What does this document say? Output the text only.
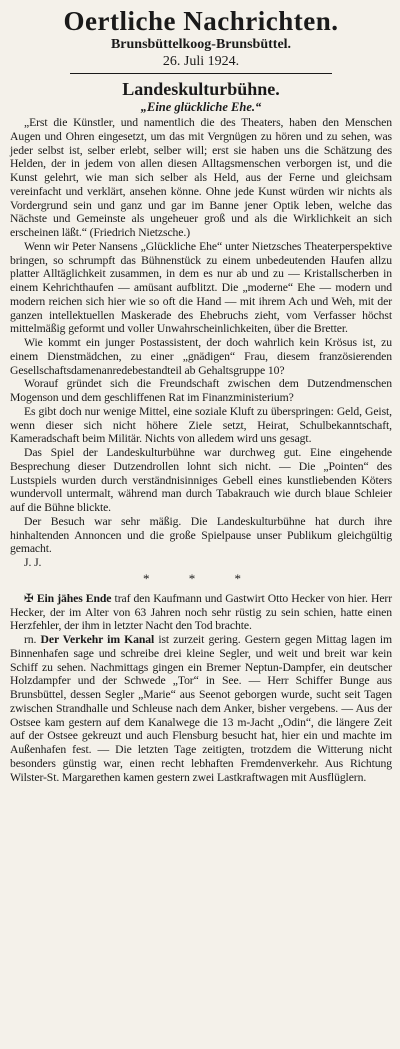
Oertliche Nachrichten.
Brunsbüttelkoog-Brunsbüttel.
26. Juli 1924.
Landeskulturbühne.
„Eine glückliche Ehe.“

„Erst die Künstler, und namentlich die des Theaters, haben den Menschen Augen und Ohren eingesetzt, um das mit Vergnügen zu hören und zu sehen, was jeder selbst ist, selber erlebt, selber will; erst sie haben uns die Schätzung des Helden, der in jedem von allen diesen Alltagsmenschen verborgen ist, und die Kunst gelehrt, wie man sich selber als Held, aus der Ferne und gleichsam vereinfacht und verklärt, ansehen könne. Ohne jede Kunst würden wir nichts als Vordergrund sein und ganz und gar im Banne jener Optik leben, welche das Nächste und Gemeinste als ungeheuer groß und als die Wirklichkeit an sich erscheinen läßt.“ (Friedrich Nietzsche.)

Wenn wir Peter Nansens „Glückliche Ehe“ unter Nietzsches Theaterperspektive bringen, so schrumpft das Bühnenstück zu einem unbedeutenden Haufen allzu platter Alltäglichkeit zusammen, in dem es nur ab und zu — Kristallscherben in einem Kehrichthaufen — amüsant aufblitzt. Die „moderne“ Ehe — modern und modern reichen sich hier wie so oft die Hand — mit ihrem Ach und Weh, mit der ganzen intellektuellen Maskerade des Ehebruchs zieht, vom Verfasser höchst mittelmäßig geformt und voller Unwahrscheinlichkeiten, über die Bretter.

Wie kommt ein junger Postassistent, der doch wahrlich kein Krösus ist, zu einem Dienstmädchen, zu einer „gnädigen“ Frau, diesem französierenden Gesellschaftsdamenanredebestandteil ab Gehaltsgruppe 10?

Worauf gründet sich die Freundschaft zwischen dem Dutzendmenschen Mogenson und dem geschliffenen Rat im Finanzministerium?

Es gibt doch nur wenige Mittel, eine soziale Kluft zu überspringen: Geld, Geist, wenn dieser sich nicht höhere Ziele setzt, Heirat, Schulbekanntschaft, Kameradschaft beim Militär. Nichts von alledem wird uns gesagt.

Das Spiel der Landeskulturbühne war durchweg gut. Eine eingehende Besprechung dieser Dutzendrollen lohnt sich nicht. — Die „Pointen“ des Lustspiels wurden durch verständnisinniges Gebell eines kunstliebenden Köters wundervoll untermalt, während man durch Tabakrauch wie durch blaue Schleier auf die Bühne blickte.

Der Besuch war sehr mäßig. Die Landeskulturbühne hat durch ihre hinhaltenden Annoncen und die große Spielpause unser Publikum gleichgültig gemacht.

J. J.

* * *

✠ Ein jähes Ende traf den Kaufmann und Gastwirt Otto Hecker von hier. Herr Hecker, der im Alter von 63 Jahren noch sehr rüstig zu sein schien, hatte einen Herzfehler, der ihm in letzter Nacht den Tod brachte.

rn. Der Verkehr im Kanal ist zurzeit gering. Gestern gegen Mittag lagen im Binnenhafen sage und schreibe drei kleine Segler, und weit und breit war kein Schiff zu sehen. Nachmittags gingen ein Bremer Neptun-Dampfer, ein deutscher Holzdampfer und der Schwede „Tor“ in See. — Herr Schiffer Bunge aus Brunsbüttel, dessen Segler „Marie“ aus Seenot geborgen wurde, sucht seit Tagen zwischen Strandhalle und Schleuse nach dem Anker, bisher vergebens. — Aus der Ostsee kam gestern auf dem Kanalwege die 13 m-Jacht „Odin“, die längere Zeit auf der Ostsee gekreuzt und auch Flensburg besucht hat, hier ein und machte im Außenhafen fest. — Die letzten Tage zeitigten, trotzdem die Witterung nicht besonders günstig war, einen recht lebhaften Fremdenverkehr. Aus Richtung Wilster-St. Margarethen kamen gestern zwei Lastkraftwagen mit Ausflüglern.
